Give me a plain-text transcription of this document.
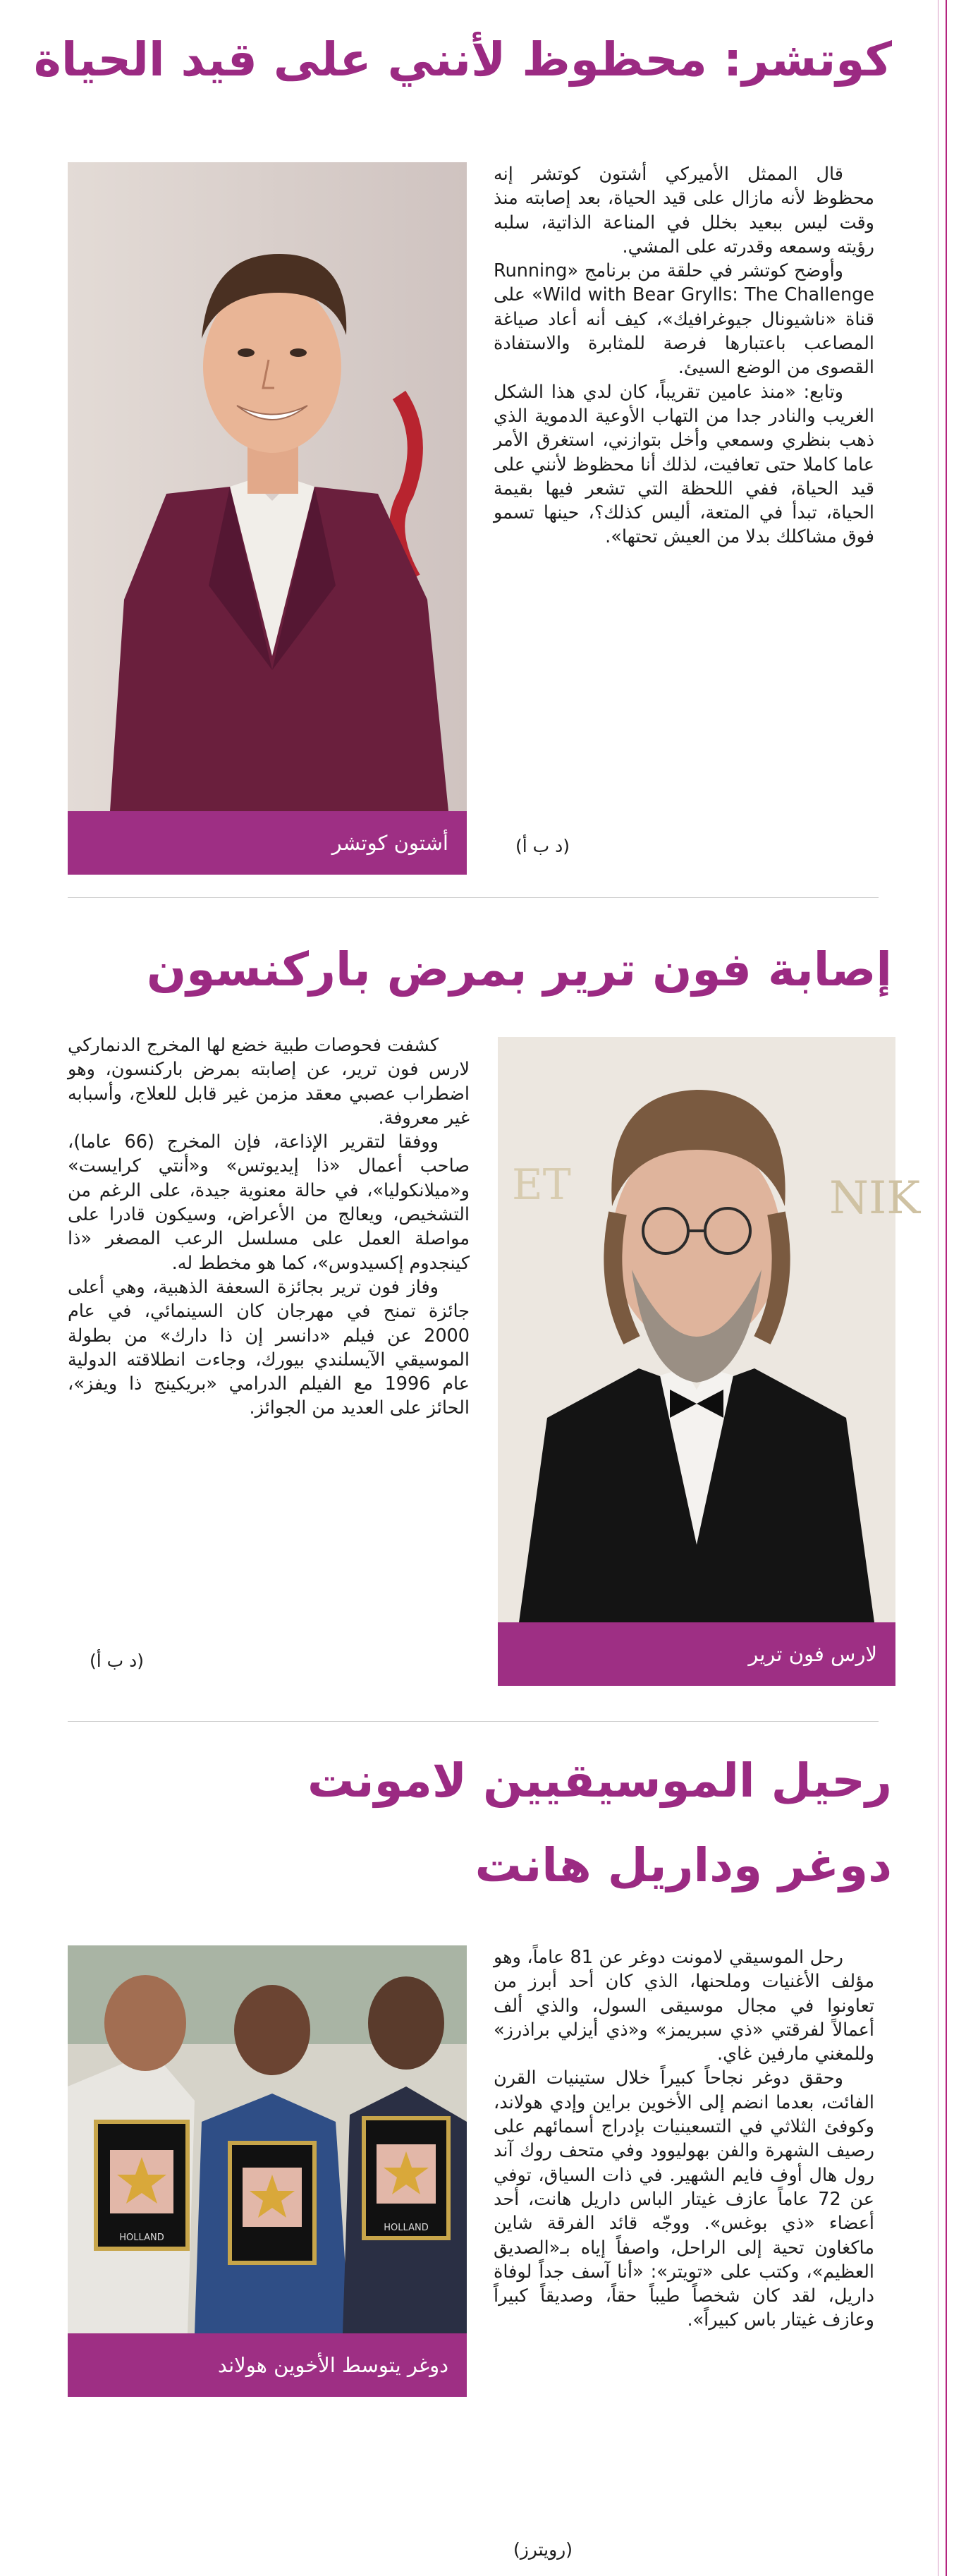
كوتشر: محظوظ لأنني على قيد الحياة
أشتون كوتشر

قال الممثل الأميركي أشتون كوتشر إنه محظوظ لأنه مازال على قيد الحياة، بعد إصابته منذ وقت ليس ببعيد بخلل في المناعة الذاتية، سلبه رؤيته وسمعه وقدرته على المشي.

وأوضح كوتشر في حلقة من برنامج «Running Wild with Bear Grylls: The Challenge» على قناة «ناشيونال جيوغرافيك»، كيف أنه أعاد صياغة المصاعب باعتبارها فرصة للمثابرة والاستفادة القصوى من الوضع السيئ.

وتابع: «منذ عامين تقريباً، كان لدي هذا الشكل الغريب والنادر جدا من التهاب الأوعية الدموية الذي ذهب بنظري وسمعي وأخل بتوازني، استغرق الأمر عاما كاملا حتى تعافيت، لذلك أنا محظوظ لأنني على قيد الحياة، ففي اللحظة التي تشعر فيها بقيمة الحياة، تبدأ في المتعة، أليس كذلك؟، حينها تسمو فوق مشاكلك بدلا من العيش تحتها».

(د ب أ)
إصابة فون ترير بمرض باركنسون
NIK
ET
لارس فون ترير

كشفت فحوصات طبية خضع لها المخرج الدنماركي لارس فون ترير، عن إصابته بمرض باركنسون، وهو اضطراب عصبي معقد مزمن غير قابل للعلاج، وأسبابه غير معروفة.

ووفقا لتقرير الإذاعة، فإن المخرج (66 عاما)، صاحب أعمال «ذا إيديوتس» و«أنتي كرايست» و«ميلانكوليا»، في حالة معنوية جيدة، على الرغم من التشخيص، ويعالج من الأعراض، وسيكون قادرا على مواصلة العمل على مسلسل الرعب المصغر «ذا كينجدوم إكسيدوس»، كما هو مخطط له.

وفاز فون ترير بجائزة السعفة الذهبية، وهي أعلى جائزة تمنح في مهرجان كان السينمائي، في عام 2000 عن فيلم «دانسر إن ذا دارك» من بطولة الموسيقي الآيسلندي بيورك، وجاءت انطلاقته الدولية عام 1996 مع الفيلم الدرامي «بريكينج ذا ويفز»، الحائز على العديد من الجوائز.

(د ب أ)
رحيل الموسيقيين لامونت
دوغر وداريل هانت
HOLLAND
HOLLAND
دوغر يتوسط الأخوين هولاند

رحل الموسيقي لامونت دوغر عن 81 عاماً، وهو مؤلف الأغنيات وملحنها، الذي كان أحد أبرز من تعاونوا في مجال موسيقى السول، والذي ألف أعمالاً لفرقتي «ذي سبريمز» و«ذي أيزلي براذرز» وللمغني مارفين غاي.

وحقق دوغر نجاحاً كبيراً خلال ستينيات القرن الفائت، بعدما انضم إلى الأخوين براين وإدي هولاند، وكوفئ الثلاثي في التسعينيات بإدراج أسمائهم على رصيف الشهرة والفن بهوليوود وفي متحف روك آند رول هال أوف فايم الشهير. في ذات السياق، توفي عن 72 عاماً عازف غيتار الباس داريل هانت، أحد أعضاء «ذي بوغس». ووجّه قائد الفرقة شاين ماكغاون تحية إلى الراحل، واصفاً إياه بـ«الصديق العظيم»، وكتب على «تويتر»: «أنا آسف جداً لوفاة داريل، لقد كان شخصاً طيباً حقاً، وصديقاً كبيراً وعازف غيتار باس كبيراً».

(رويترز)
